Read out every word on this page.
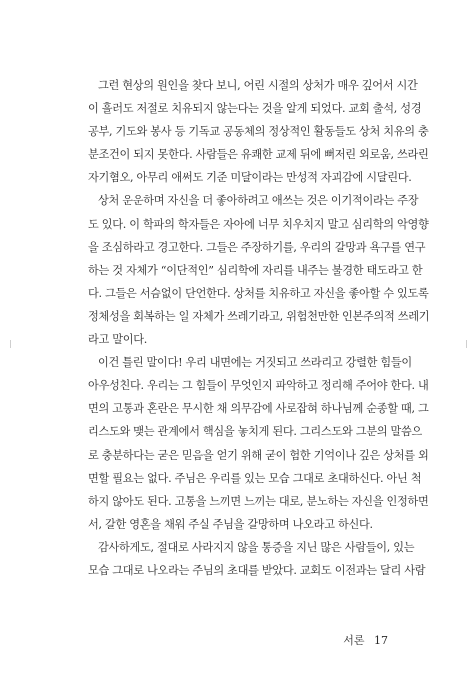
그런 현상의 원인을 찾다 보니, 어린 시절의 상처가 매우 깊어서 시간
이 흘러도 저절로 치유되지 않는다는 것을 알게 되었다. 교회 출석, 성경
공부, 기도와 봉사 등 기독교 공동체의 정상적인 활동들도 상처 치유의 충
분조건이 되지 못한다. 사람들은 유쾌한 교제 뒤에 뻐저린 외로움, 쓰라린
자기혐오, 아무리 애써도 기준 미달이라는 만성적 자괴감에 시달린다.
상처 운운하며 자신을 더 좋아하려고 애쓰는 것은 이기적이라는 주장
도 있다. 이 학파의 학자들은 자아에 너무 치우치지 말고 심리학의 악영향
을 조심하라고 경고한다. 그들은 주장하기를, 우리의 갈망과 욕구를 연구
하는 것 자체가 “이단적인” 심리학에 자리를 내주는 불경한 태도라고 한
다. 그들은 서슴없이 단언한다. 상처를 치유하고 자신을 좋아할 수 있도록
정체성을 회복하는 일 자체가 쓰레기라고, 위험천만한 인본주의적 쓰레기
라고 말이다.
이건 틀린 말이다! 우리 내면에는 거짓되고 쓰라리고 강렬한 힘들이
아우성친다. 우리는 그 힘들이 무엇인지 파악하고 정리해 주어야 한다. 내
면의 고통과 혼란은 무시한 채 의무감에 사로잡혀 하나님께 순종할 때, 그
리스도와 맺는 관계에서 핵심을 놓치게 된다. 그리스도와 그분의 말씀으
로 충분하다는 굳은 믿음을 얻기 위해 굳이 험한 기억이나 깊은 상처를 외
면할 필요는 없다. 주님은 우리를 있는 모습 그대로 초대하신다. 아닌 척
하지 않아도 된다. 고통을 느끼면 느끼는 대로, 분노하는 자신을 인정하면
서, 갈한 영혼을 채워 주실 주님을 갈망하며 나오라고 하신다.
감사하게도, 절대로 사라지지 않을 통증을 지닌 많은 사람들이, 있는
모습 그대로 나오라는 주님의 초대를 받았다. 교회도 이전과는 달리 사람
서론 17
